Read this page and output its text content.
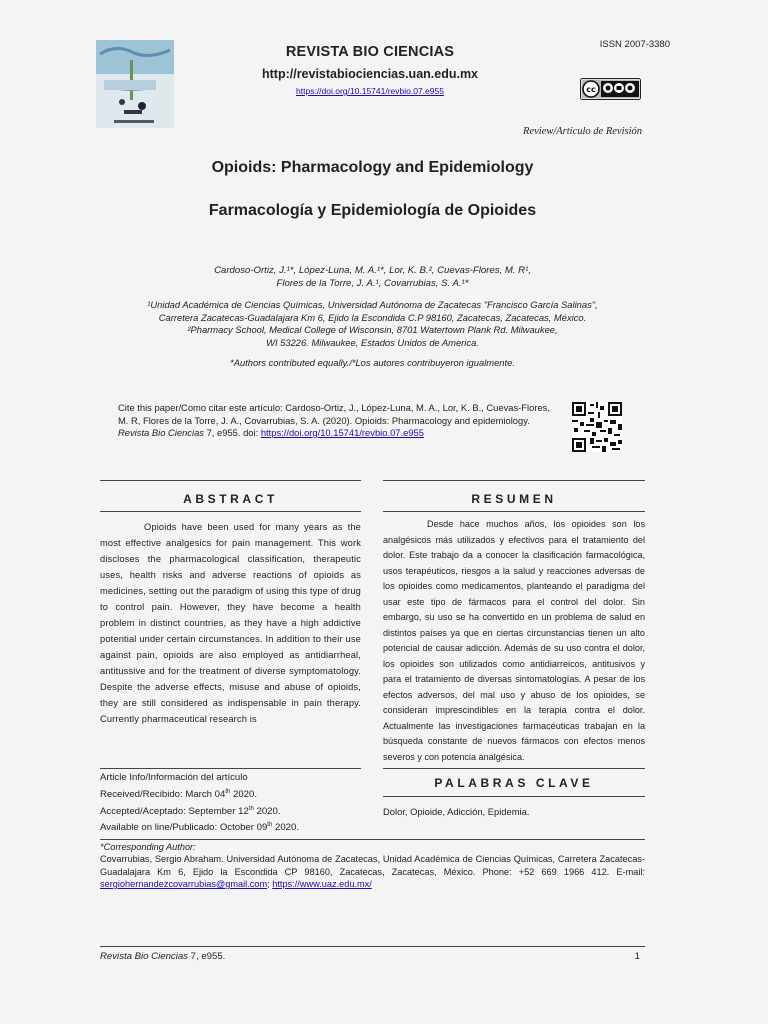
REVISTA BIO CIENCIAS
http://revistabiociencias.uan.edu.mx
https://doi.org/10.15741/revbio.07.e955
ISSN 2007-3380
cc
Review/Artículo de Revisión
Opioids: Pharmacology and Epidemiology
Farmacología y Epidemiología de Opioides
Cardoso-Ortiz, J.¹*, López-Luna, M. A.¹*, Lor, K. B.², Cuevas-Flores, M. R¹,
Flores de la Torre, J. A.¹, Covarrubias, S. A.¹*
¹Unidad Académica de Ciencias Químicas, Universidad Autónoma de Zacatecas "Francisco García Salinas",
Carretera Zacatecas-Guadalajara Km 6, Ejido la Escondida C.P 98160, Zacatecas, Zacatecas, México.
²Pharmacy School, Medical College of Wisconsin, 8701 Watertown Plank Rd. Milwaukee,
WI 53226. Milwaukee, Estados Unidos de America.
*Authors contributed equally./*Los autores contribuyeron igualmente.
Cite this paper/Como citar este artículo: Cardoso-Ortiz, J., López-Luna, M. A., Lor, K. B., Cuevas-Flores, M. R, Flores de la Torre, J. A., Covarrubias, S. A. (2020). Opioids: Pharmacology and epidemiology. Revista Bio Ciencias 7, e955. doi: https://doi.org/10.15741/revbio.07.e955
ABSTRACT

Opioids have been used for many years as the most effective analgesics for pain management. This work discloses the pharmacological classification, therapeutic uses, health risks and adverse reactions of opioids as medicines, setting out the paradigm of using this type of drug to control pain. However, they have become a health problem in distinct countries, as they have a high addictive potential under certain circumstances. In addition to their use against pain, opioids are also employed as antidiarrheal, antitussive and for the treatment of diverse symptomatology. Despite the adverse effects, misuse and abuse of opioids, they are still considered as indispensable in pain therapy. Currently pharmaceutical research is

RESUMEN

Desde hace muchos años, los opioides son los analgésicos más utilizados y efectivos para el tratamiento del dolor. Este trabajo da a conocer la clasificación farmacológica, usos terapéuticos, riesgos a la salud y reacciones adversas de los opioides como medicamentos, planteando el paradigma del usar este tipo de fármacos para el control del dolor. Sin embargo, su uso se ha convertido en un problema de salud en distintos países ya que en ciertas circunstancias tienen un alto potencial de causar adicción. Además de su uso contra el dolor, los opioides son utilizados como antidiarreicos, antitusivos y para el tratamiento de diversas sintomatologías. A pesar de los efectos adversos, del mal uso y abuso de los opioides, se consideran imprescindibles en la terapia contra el dolor. Actualmente las investigaciones farmacéuticas trabajan en la búsqueda constante de nuevos fármacos con efectos menos severos y con potencia analgésica.

Article Info/Información del artículo
Received/Recibido: March 04th 2020.
Accepted/Aceptado: September 12th 2020.
Available on line/Publicado: October 09th 2020.
PALABRAS CLAVE
Dolor, Opioide, Adicción, Epidemia.
*Corresponding Author:
Covarrubias, Sergio Abraham. Universidad Autónoma de Zacatecas, Unidad Académica de Ciencias Químicas, Carretera Zacatecas-Guadalajara Km 6, Ejido la Escondida CP 98160, Zacatecas, Zacatecas, México. Phone: +52 669 1966 412. E-mail: sergiohernandezcovarrubias@gmail.com; https://www.uaz.edu.mx/
Revista Bio Ciencias 7, e955.	1
